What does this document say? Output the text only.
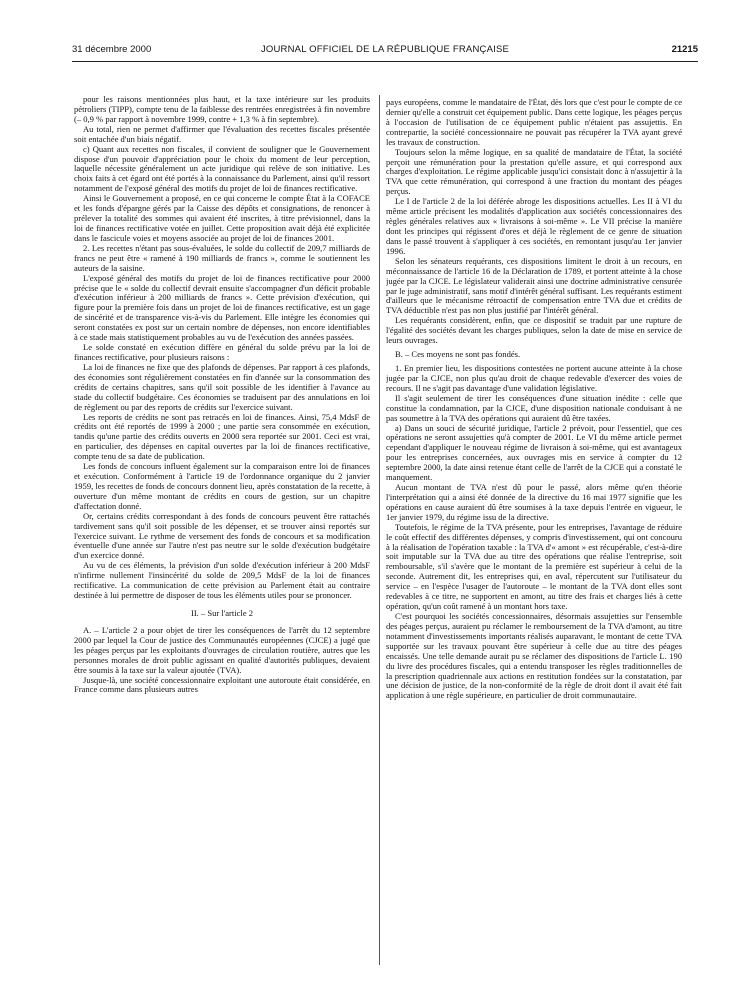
31 décembre 2000	JOURNAL OFFICIEL DE LA RÉPUBLIQUE FRANÇAISE	21215

pour les raisons mentionnées plus haut, et la taxe intérieure sur les produits pétroliers (TIPP), compte tenu de la faiblesse des rentrées enregistrées à fin novembre (– 0,9 % par rapport à novembre 1999, contre + 1,3 % à fin septembre).

Au total, rien ne permet d'affirmer que l'évaluation des recettes fiscales présentée soit entachée d'un biais négatif.

c) Quant aux recettes non fiscales, il convient de souligner que le Gouvernement dispose d'un pouvoir d'appréciation pour le choix du moment de leur perception, laquelle nécessite généralement un acte juridique qui relève de son initiative. Les choix faits à cet égard ont été portés à la connaissance du Parlement, ainsi qu'il ressort notamment de l'exposé général des motifs du projet de loi de finances rectificative.

Ainsi le Gouvernement a proposé, en ce qui concerne le compte État à la COFACE et les fonds d'épargne gérés par la Caisse des dépôts et consignations, de renoncer à prélever la totalité des sommes qui avaient été inscrites, à titre prévisionnel, dans la loi de finances rectificative votée en juillet. Cette proposition avait déjà été explicitée dans le fascicule voies et moyens associée au projet de loi de finances 2001.

2. Les recettes n'étant pas sous-évaluées, le solde du collectif de 209,7 milliards de francs ne peut être « ramené à 190 milliards de francs », comme le soutiennent les auteurs de la saisine.

L'exposé général des motifs du projet de loi de finances rectificative pour 2000 précise que le « solde du collectif devrait ensuite s'accompagner d'un déficit probable d'exécution inférieur à 200 milliards de francs ». Cette prévision d'exécution, qui figure pour la première fois dans un projet de loi de finances rectificative, est un gage de sincérité et de transparence vis-à-vis du Parlement. Elle intègre les économies qui seront constatées ex post sur un certain nombre de dépenses, non encore identifiables à ce stade mais statistiquement probables au vu de l'exécution des années passées.

Le solde constaté en exécution diffère en général du solde prévu par la loi de finances rectificative, pour plusieurs raisons :

La loi de finances ne fixe que des plafonds de dépenses. Par rapport à ces plafonds, des économies sont régulièrement constatées en fin d'année sur la consommation des crédits de certains chapitres, sans qu'il soit possible de les identifier à l'avance au stade du collectif budgétaire. Ces économies se traduisent par des annulations en loi de règlement ou par des reports de crédits sur l'exercice suivant.

Les reports de crédits ne sont pas retracés en loi de finances. Ainsi, 75,4 MdsF de crédits ont été reportés de 1999 à 2000 ; une partie sera consommée en exécution, tandis qu'une partie des crédits ouverts en 2000 sera reportée sur 2001. Ceci est vrai, en particulier, des dépenses en capital ouvertes par la loi de finances rectificative, compte tenu de sa date de publication.

Les fonds de concours influent également sur la comparaison entre loi de finances et exécution. Conformément à l'article 19 de l'ordonnance organique du 2 janvier 1959, les recettes de fonds de concours donnent lieu, après constatation de la recette, à ouverture d'un même montant de crédits en cours de gestion, sur un chapitre d'affectation donné.

Or, certains crédits correspondant à des fonds de concours peuvent être rattachés tardivement sans qu'il soit possible de les dépenser, et se trouver ainsi reportés sur l'exercice suivant. Le rythme de versement des fonds de concours et sa modification éventuelle d'une année sur l'autre n'est pas neutre sur le solde d'exécution budgétaire d'un exercice donné.

Au vu de ces éléments, la prévision d'un solde d'exécution inférieur à 200 MdsF n'infirme nullement l'insincérité du solde de 209,5 MdsF de la loi de finances rectificative. La communication de cette prévision au Parlement était au contraire destinée à lui permettre de disposer de tous les éléments utiles pour se prononcer.

II. – Sur l'article 2

A. – L'article 2 a pour objet de tirer les conséquences de l'arrêt du 12 septembre 2000 par lequel la Cour de justice des Communautés européennes (CJCE) a jugé que les péages perçus par les exploitants d'ouvrages de circulation routière, autres que les personnes morales de droit public agissant en qualité d'autorités publiques, devaient être soumis à la taxe sur la valeur ajoutée (TVA).

Jusque-là, une société concessionnaire exploitant une autoroute était considérée, en France comme dans plusieurs autres

pays européens, comme le mandataire de l'État, dès lors que c'est pour le compte de ce dernier qu'elle a construit cet équipement public. Dans cette logique, les péages perçus à l'occasion de l'utilisation de ce équipement public n'étaient pas assujettis. En contrepartie, la société concessionnaire ne pouvait pas récupérer la TVA ayant grevé les travaux de construction.

Toujours selon la même logique, en sa qualité de mandataire de l'État, la société perçoit une rémunération pour la prestation qu'elle assure, et qui correspond aux charges d'exploitation. Le régime applicable jusqu'ici consistait donc à n'assujettir à la TVA que cette rémunération, qui correspond à une fraction du montant des péages perçus.

Le I de l'article 2 de la loi déférée abroge les dispositions actuelles. Les II à VI du même article précisent les modalités d'application aux sociétés concessionnaires des règles générales relatives aux « livraisons à soi-même ». Le VII précise la manière dont les principes qui régissent d'ores et déjà le règlement de ce genre de situation dans le passé trouvent à s'appliquer à ces sociétés, en remontant jusqu'au 1er janvier 1996.

Selon les sénateurs requérants, ces dispositions limitent le droit à un recours, en méconnaissance de l'article 16 de la Déclaration de 1789, et portent atteinte à la chose jugée par la CJCE. Le législateur validerait ainsi une doctrine administrative censurée par le juge administratif, sans motif d'intérêt général suffisant. Les requérants estiment d'ailleurs que le mécanisme rétroactif de compensation entre TVA due et crédits de TVA déductible n'est pas non plus justifié par l'intérêt général.

Les requérants considèrent, enfin, que ce dispositif se traduit par une rupture de l'égalité des sociétés devant les charges publiques, selon la date de mise en service de leurs ouvrages.

B. – Ces moyens ne sont pas fondés.

1. En premier lieu, les dispositions contestées ne portent aucune atteinte à la chose jugée par la CJCE, non plus qu'au droit de chaque redevable d'exercer des voies de recours. Il ne s'agit pas davantage d'une validation législative.

Il s'agit seulement de tirer les conséquences d'une situation inédite : celle que constitue la condamnation, par la CJCE, d'une disposition nationale conduisant à ne pas soumettre à la TVA des opérations qui auraient dû être taxées.

a) Dans un souci de sécurité juridique, l'article 2 prévoit, pour l'essentiel, que ces opérations ne seront assujetties qu'à compter de 2001. Le VI du même article permet cependant d'appliquer le nouveau régime de livraison à soi-même, qui est avantageux pour les entreprises concernées, aux ouvrages mis en service à compter du 12 septembre 2000, la date ainsi retenue étant celle de l'arrêt de la CJCE qui a constaté le manquement.

Aucun montant de TVA n'est dû pour le passé, alors même qu'en théorie l'interprétation qui a ainsi été donnée de la directive du 16 mai 1977 signifie que les opérations en cause auraient dû être soumises à la taxe depuis l'entrée en vigueur, le 1er janvier 1979, du régime issu de la directive.

Toutefois, le régime de la TVA présente, pour les entreprises, l'avantage de réduire le coût effectif des différentes dépenses, y compris d'investissement, qui ont concouru à la réalisation de l'opération taxable : la TVA d'« amont » est récupérable, c'est-à-dire soit imputable sur la TVA due au titre des opérations que réalise l'entreprise, soit remboursable, s'il s'avère que le montant de la première est supérieur à celui de la seconde. Autrement dit, les entreprises qui, en aval, répercutent sur l'utilisateur du service – en l'espèce l'usager de l'autoroute – le montant de la TVA dont elles sont redevables à ce titre, ne supportent en amont, au titre des frais et charges liés à cette opération, qu'un coût ramené à un montant hors taxe.

C'est pourquoi les sociétés concessionnaires, désormais assujetties sur l'ensemble des péages perçus, auraient pu réclamer le remboursement de la TVA d'amont, au titre notamment d'investissements importants réalisés auparavant, le montant de cette TVA supportée sur les travaux pouvant être supérieur à celle due au titre des péages encaissés. Une telle demande aurait pu se réclamer des dispositions de l'article L. 190 du livre des procédures fiscales, qui a entendu transposer les règles traditionnelles de la prescription quadriennale aux actions en restitution fondées sur la constatation, par une décision de justice, de la non-conformité de la règle de droit dont il avait été fait application à une règle supérieure, en particulier de droit communautaire.
